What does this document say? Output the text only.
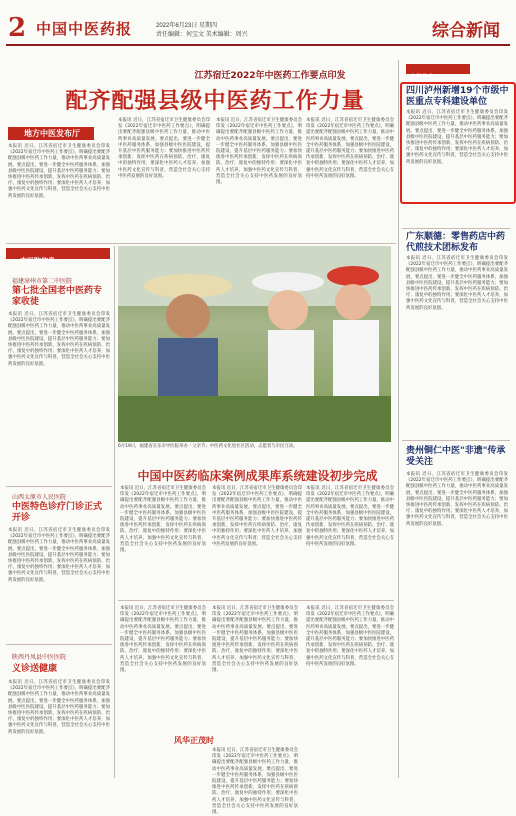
2 中国中医药报	2022年6月23日 星期四
责任编辑：何宝文 美术编辑：周兴	综合新闻
江苏宿迁2022年中医药工作要点印发
配齐配强县级中医药工作力量
地方中医发布厅
本报讯 近日，江苏省宿迁市卫生健康委员会印发《2022年宿迁市中医药工作要点》，明确提出要配齐配强县级中医药工作力量，推动中医药事业高质量发展。要点提出，要进一步健全中医药服务体系，加强县级中医医院建设，提升基层中医药服务能力；要加快推进中医药传承创新，发挥中医药在疾病预防、治疗、康复中的独特作用；要深化中医药人才培养，加强中医药文化宣传与科普，营造全社会关心支持中医药发展的良好氛围。
本报讯 近日，江苏省宿迁市卫生健康委员会印发《2022年宿迁市中医药工作要点》，明确提出要配齐配强县级中医药工作力量，推动中医药事业高质量发展。要点提出，要进一步健全中医药服务体系，加强县级中医医院建设，提升基层中医药服务能力；要加快推进中医药传承创新，发挥中医药在疾病预防、治疗、康复中的独特作用；要深化中医药人才培养，加强中医药文化宣传与科普，营造全社会关心支持中医药发展的良好氛围。
本报讯 近日，江苏省宿迁市卫生健康委员会印发《2022年宿迁市中医药工作要点》，明确提出要配齐配强县级中医药工作力量，推动中医药事业高质量发展。要点提出，要进一步健全中医药服务体系，加强县级中医医院建设，提升基层中医药服务能力；要加快推进中医药传承创新，发挥中医药在疾病预防、治疗、康复中的独特作用；要深化中医药人才培养，加强中医药文化宣传与科普，营造全社会关心支持中医药发展的良好氛围。
本报讯 近日，江苏省宿迁市卫生健康委员会印发《2022年宿迁市中医药工作要点》，明确提出要配齐配强县级中医药工作力量，推动中医药事业高质量发展。要点提出，要进一步健全中医药服务体系，加强县级中医医院建设，提升基层中医药服务能力；要加快推进中医药传承创新，发挥中医药在疾病预防、治疗、康复中的独特作用；要深化中医药人才培养，加强中医药文化宣传与科普，营造全社会关心支持中医药发展的良好氛围。
中医院信息
福建漳州市第二中医院
第七批全国老中医药专家收徒
本报讯 近日，江苏省宿迁市卫生健康委员会印发《2022年宿迁市中医药工作要点》，明确提出要配齐配强县级中医药工作力量，推动中医药事业高质量发展。要点提出，要进一步健全中医药服务体系，加强县级中医医院建设，提升基层中医药服务能力；要加快推进中医药传承创新，发挥中医药在疾病预防、治疗、康复中的独特作用；要深化中医药人才培养，加强中医药文化宣传与科普，营造全社会关心支持中医药发展的良好氛围。
山西太原市人民医院
中医特色诊疗门诊正式开诊
本报讯 近日，江苏省宿迁市卫生健康委员会印发《2022年宿迁市中医药工作要点》，明确提出要配齐配强县级中医药工作力量，推动中医药事业高质量发展。要点提出，要进一步健全中医药服务体系，加强县级中医医院建设，提升基层中医药服务能力；要加快推进中医药传承创新，发挥中医药在疾病预防、治疗、康复中的独特作用；要深化中医药人才培养，加强中医药文化宣传与科普，营造全社会关心支持中医药发展的良好氛围。
陕西丹凤县中医医院
义诊送健康
本报讯 近日，江苏省宿迁市卫生健康委员会印发《2022年宿迁市中医药工作要点》，明确提出要配齐配强县级中医药工作力量，推动中医药事业高质量发展。要点提出，要进一步健全中医药服务体系，加强县级中医医院建设，提升基层中医药服务能力；要加快推进中医药传承创新，发挥中医药在疾病预防、治疗、康复中的独特作用；要深化中医药人才培养，加强中医药文化宣传与科普，营造全社会关心支持中医药发展的良好氛围。
6月19日，福建省长乐市中医院举办「父亲节」中医药文化进社区活动，志愿者与市民互动。
中国中医药临床案例成果库系统建设初步完成
本报讯 近日，江苏省宿迁市卫生健康委员会印发《2022年宿迁市中医药工作要点》，明确提出要配齐配强县级中医药工作力量，推动中医药事业高质量发展。要点提出，要进一步健全中医药服务体系，加强县级中医医院建设，提升基层中医药服务能力；要加快推进中医药传承创新，发挥中医药在疾病预防、治疗、康复中的独特作用；要深化中医药人才培养，加强中医药文化宣传与科普，营造全社会关心支持中医药发展的良好氛围。
本报讯 近日，江苏省宿迁市卫生健康委员会印发《2022年宿迁市中医药工作要点》，明确提出要配齐配强县级中医药工作力量，推动中医药事业高质量发展。要点提出，要进一步健全中医药服务体系，加强县级中医医院建设，提升基层中医药服务能力；要加快推进中医药传承创新，发挥中医药在疾病预防、治疗、康复中的独特作用；要深化中医药人才培养，加强中医药文化宣传与科普，营造全社会关心支持中医药发展的良好氛围。
本报讯 近日，江苏省宿迁市卫生健康委员会印发《2022年宿迁市中医药工作要点》，明确提出要配齐配强县级中医药工作力量，推动中医药事业高质量发展。要点提出，要进一步健全中医药服务体系，加强县级中医医院建设，提升基层中医药服务能力；要加快推进中医药传承创新，发挥中医药在疾病预防、治疗、康复中的独特作用；要深化中医药人才培养，加强中医药文化宣传与科普，营造全社会关心支持中医药发展的良好氛围。
本报讯 近日，江苏省宿迁市卫生健康委员会印发《2022年宿迁市中医药工作要点》，明确提出要配齐配强县级中医药工作力量，推动中医药事业高质量发展。要点提出，要进一步健全中医药服务体系，加强县级中医医院建设，提升基层中医药服务能力；要加快推进中医药传承创新，发挥中医药在疾病预防、治疗、康复中的独特作用；要深化中医药人才培养，加强中医药文化宣传与科普，营造全社会关心支持中医药发展的良好氛围。
本报讯 近日，江苏省宿迁市卫生健康委员会印发《2022年宿迁市中医药工作要点》，明确提出要配齐配强县级中医药工作力量，推动中医药事业高质量发展。要点提出，要进一步健全中医药服务体系，加强县级中医医院建设，提升基层中医药服务能力；要加快推进中医药传承创新，发挥中医药在疾病预防、治疗、康复中的独特作用；要深化中医药人才培养，加强中医药文化宣传与科普，营造全社会关心支持中医药发展的良好氛围。
本报讯 近日，江苏省宿迁市卫生健康委员会印发《2022年宿迁市中医药工作要点》，明确提出要配齐配强县级中医药工作力量，推动中医药事业高质量发展。要点提出，要进一步健全中医药服务体系，加强县级中医医院建设，提升基层中医药服务能力；要加快推进中医药传承创新，发挥中医药在疾病预防、治疗、康复中的独特作用；要深化中医药人才培养，加强中医药文化宣传与科普，营造全社会关心支持中医药发展的良好氛围。
风华正茂时
本报讯 近日，江苏省宿迁市卫生健康委员会印发《2022年宿迁市中医药工作要点》，明确提出要配齐配强县级中医药工作力量，推动中医药事业高质量发展。要点提出，要进一步健全中医药服务体系，加强县级中医医院建设，提升基层中医药服务能力；要加快推进中医药传承创新，发挥中医药在疾病预防、治疗、康复中的独特作用；要深化中医药人才培养，加强中医药文化宣传与科普，营造全社会关心支持中医药发展的良好氛围。
各地信息
四川泸州新增19个市级中医重点专科建设单位
本报讯 近日，江苏省宿迁市卫生健康委员会印发《2022年宿迁市中医药工作要点》，明确提出要配齐配强县级中医药工作力量，推动中医药事业高质量发展。要点提出，要进一步健全中医药服务体系，加强县级中医医院建设，提升基层中医药服务能力；要加快推进中医药传承创新，发挥中医药在疾病预防、治疗、康复中的独特作用；要深化中医药人才培养，加强中医药文化宣传与科普，营造全社会关心支持中医药发展的良好氛围。
广东顺德：零售药店中药代煎技术团标发布
本报讯 近日，江苏省宿迁市卫生健康委员会印发《2022年宿迁市中医药工作要点》，明确提出要配齐配强县级中医药工作力量，推动中医药事业高质量发展。要点提出，要进一步健全中医药服务体系，加强县级中医医院建设，提升基层中医药服务能力；要加快推进中医药传承创新，发挥中医药在疾病预防、治疗、康复中的独特作用；要深化中医药人才培养，加强中医药文化宣传与科普，营造全社会关心支持中医药发展的良好氛围。
贵州铜仁中医"非遗"传承受关注
本报讯 近日，江苏省宿迁市卫生健康委员会印发《2022年宿迁市中医药工作要点》，明确提出要配齐配强县级中医药工作力量，推动中医药事业高质量发展。要点提出，要进一步健全中医药服务体系，加强县级中医医院建设，提升基层中医药服务能力；要加快推进中医药传承创新，发挥中医药在疾病预防、治疗、康复中的独特作用；要深化中医药人才培养，加强中医药文化宣传与科普，营造全社会关心支持中医药发展的良好氛围。
